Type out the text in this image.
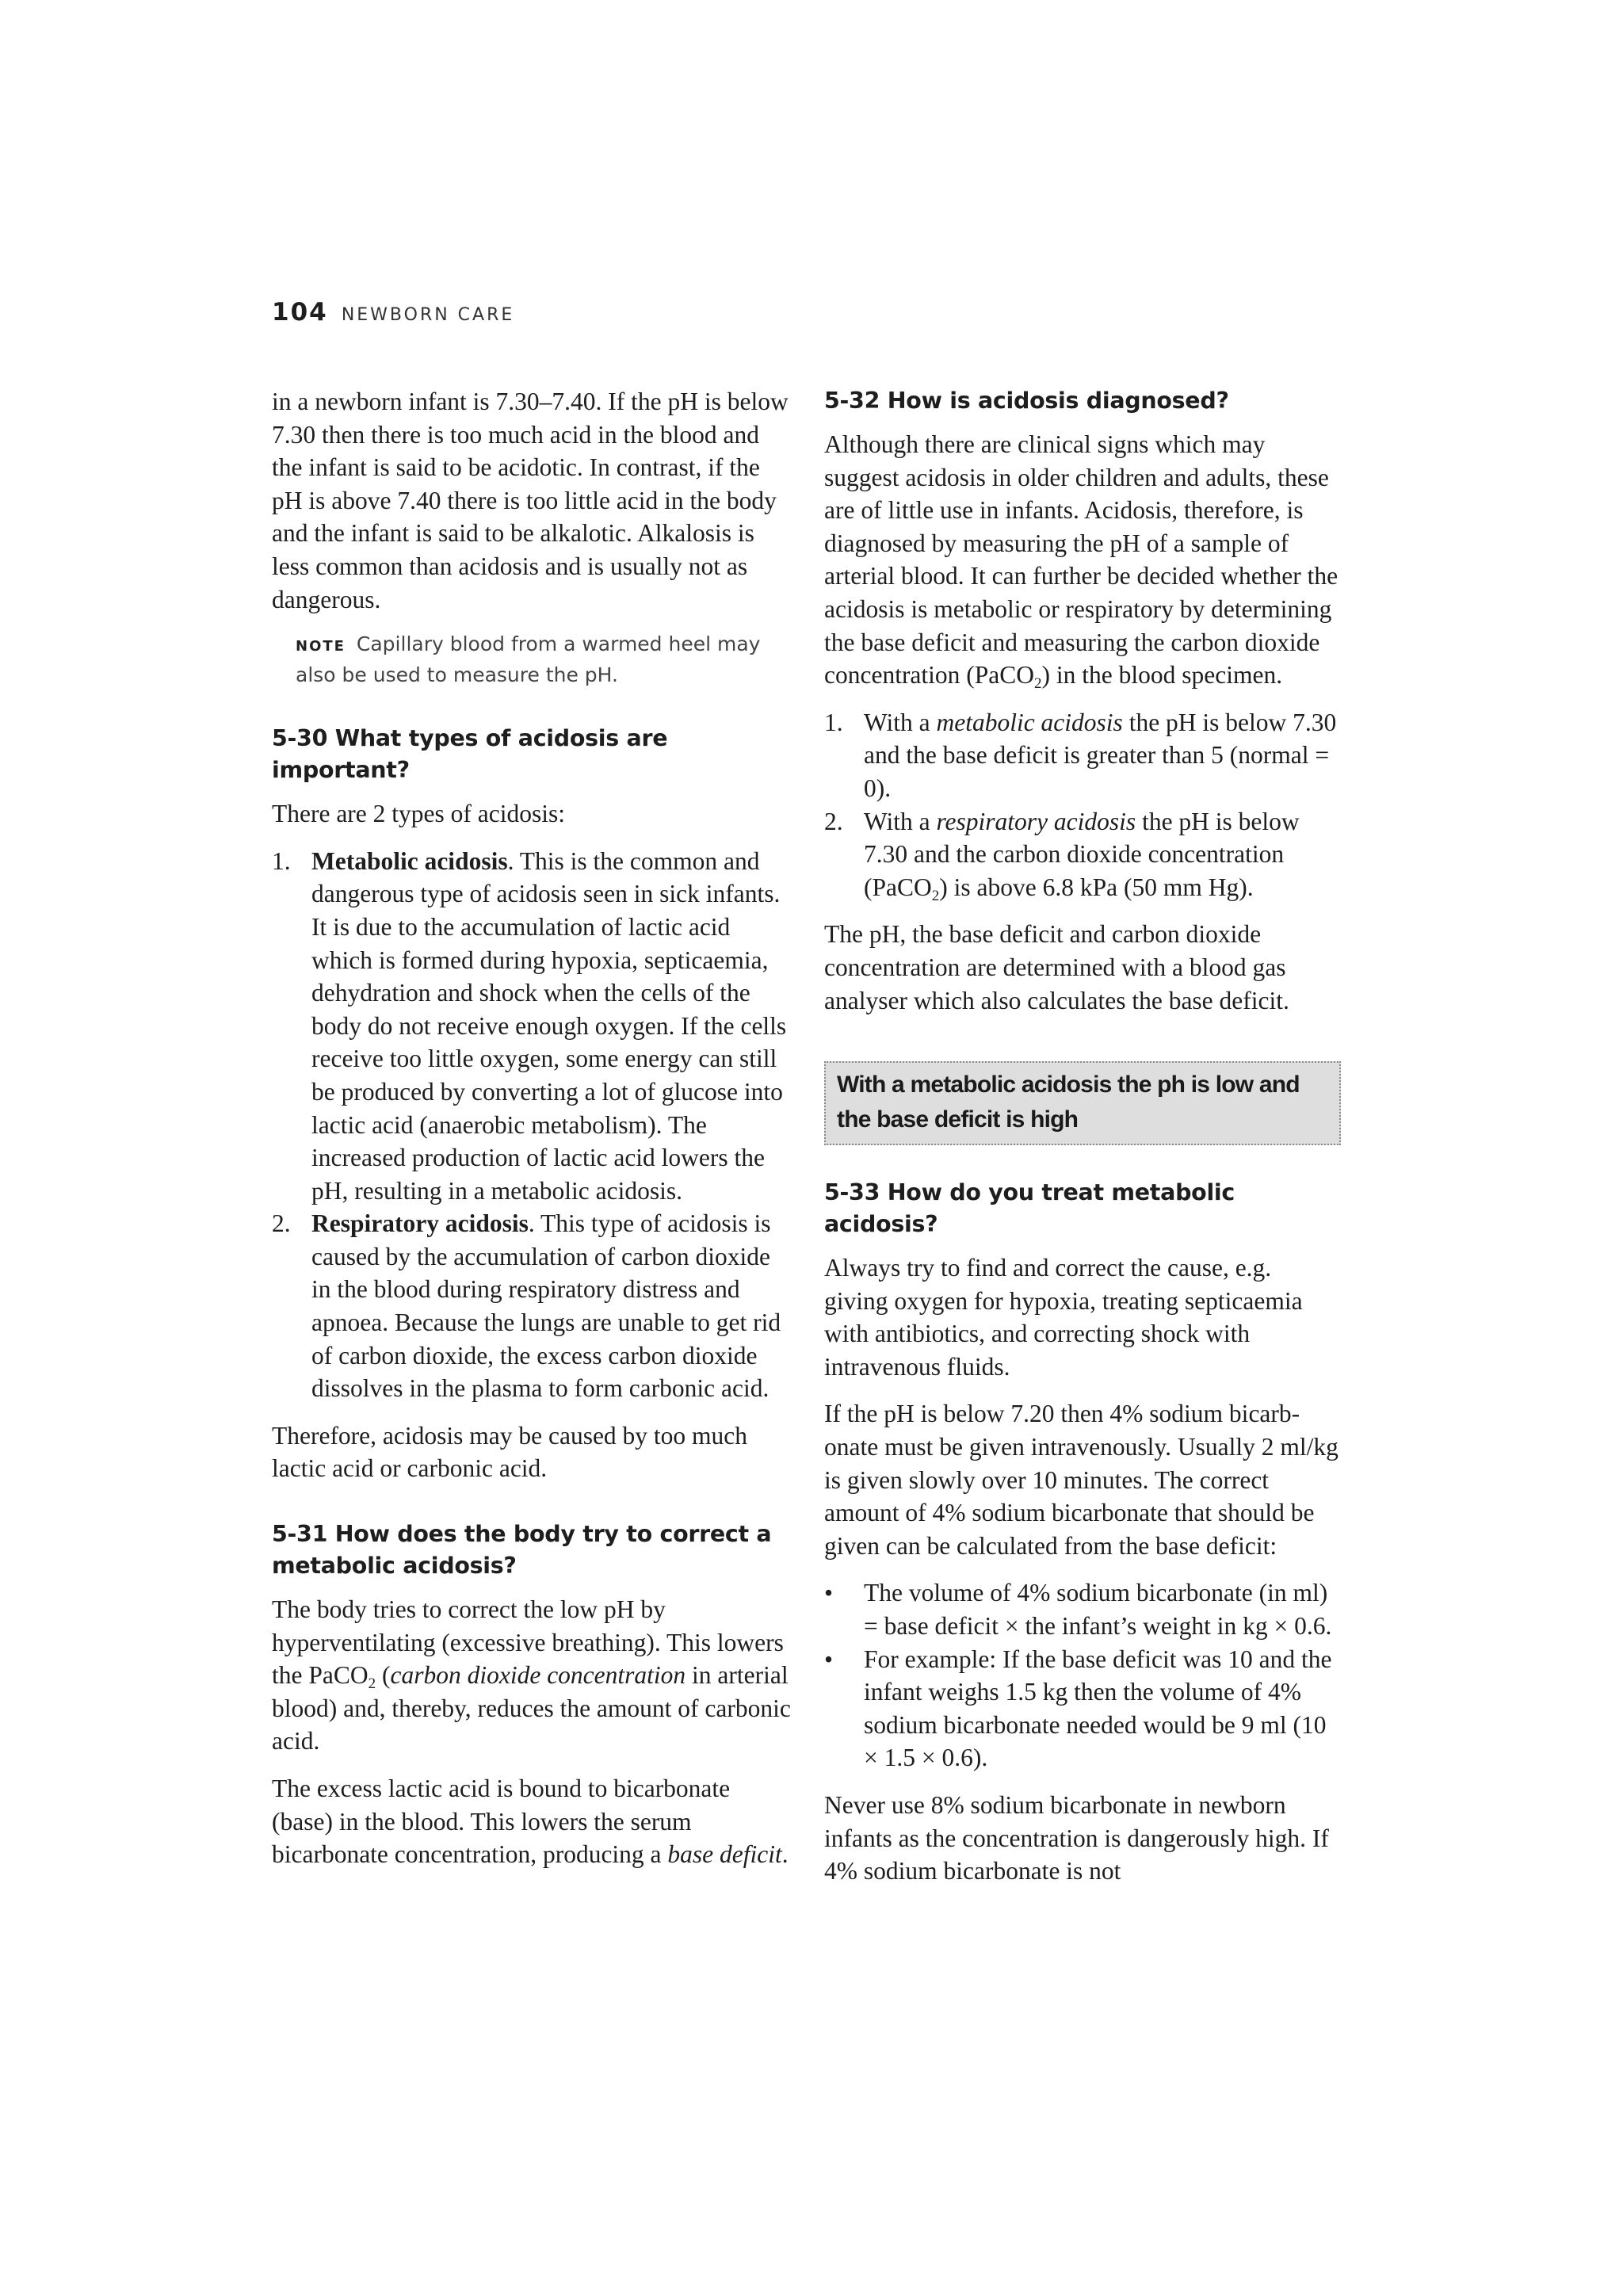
104 NEWBORN CARE

in a newborn infant is 7.30–7.40. If the pH is below 7.30 then there is too much acid in the blood and the infant is said to be acidotic. In contrast, if the pH is above 7.40 there is too little acid in the body and the infant is said to be alkalotic. Alkalosis is less common than acidosis and is usually not as dangerous.

NOTE Capillary blood from a warmed heel may also be used to measure the pH.
5-30 What types of acidosis are important?

There are 2 types of acidosis:

1. Metabolic acidosis. This is the common and dangerous type of acidosis seen in sick infants. It is due to the accumulation of lactic acid which is formed during hypoxia, septicaemia, dehydration and shock when the cells of the body do not receive enough oxygen. If the cells receive too little oxygen, some energy can still be produced by converting a lot of glucose into lactic acid (anaerobic metabolism). The increased production of lactic acid lowers the pH, resulting in a metabolic acidosis.
2. Respiratory acidosis. This type of acidosis is caused by the accumulation of carbon dioxide in the blood during respiratory distress and apnoea. Because the lungs are unable to get rid of carbon dioxide, the excess carbon dioxide dissolves in the plasma to form carbonic acid.

Therefore, acidosis may be caused by too much lactic acid or carbonic acid.

5-31 How does the body try to correct a metabolic acidosis?

The body tries to correct the low pH by hyperventilating (excessive breathing). This lowers the PaCO$_2$ (carbon dioxide concentration in arterial blood) and, thereby, reduces the amount of carbonic acid.

The excess lactic acid is bound to bicarbonate (base) in the blood. This lowers the serum bicarbonate concentration, producing a base deficit.

5-32 How is acidosis diagnosed?

Although there are clinical signs which may suggest acidosis in older children and adults, these are of little use in infants. Acidosis, therefore, is diagnosed by measuring the pH of a sample of arterial blood. It can further be decided whether the acidosis is metabolic or respiratory by determining the base deficit and measuring the carbon dioxide concentration (PaCO$_2$) in the blood specimen.

1. With a metabolic acidosis the pH is below 7.30 and the base deficit is greater than 5 (normal = 0).
2. With a respiratory acidosis the pH is below 7.30 and the carbon dioxide concentration (PaCO$_2$) is above 6.8 kPa (50 mm Hg).

The pH, the base deficit and carbon dioxide concentration are determined with a blood gas analyser which also calculates the base deficit.

With a metabolic acidosis the ph is low and the base deficit is high
5-33 How do you treat metabolic acidosis?

Always try to find and correct the cause, e.g. giving oxygen for hypoxia, treating septicaemia with antibiotics, and correcting shock with intravenous fluids.

If the pH is below 7.20 then 4% sodium bicarb-onate must be given intravenously. Usually 2 ml/kg is given slowly over 10 minutes. The correct amount of 4% sodium bicarbonate that should be given can be calculated from the base deficit:

•	The volume of 4% sodium bicarbonate (in ml) = base deficit × the infant’s weight in kg × 0.6.
•	For example: If the base deficit was 10 and the infant weighs 1.5 kg then the volume of 4% sodium bicarbonate needed would be 9 ml (10 × 1.5 × 0.6).

Never use 8% sodium bicarbonate in newborn infants as the concentration is dangerously high. If 4% sodium bicarbonate is not
